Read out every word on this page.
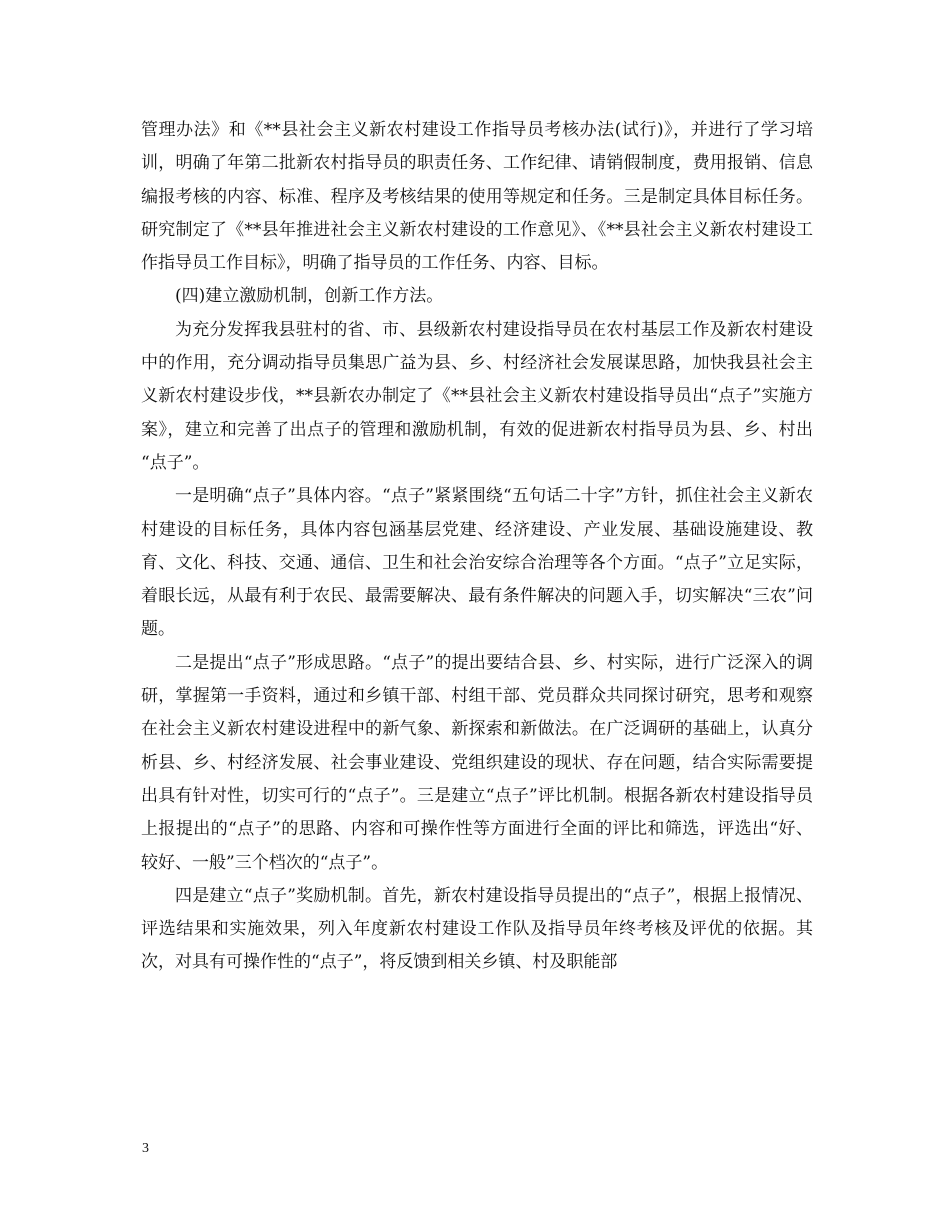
管理办法》和《**县社会主义新农村建设工作指导员考核办法(试行)》，并进行了学习培训，明确了年第二批新农村指导员的职责任务、工作纪律、请销假制度，费用报销、信息编报考核的内容、标准、程序及考核结果的使用等规定和任务。三是制定具体目标任务。研究制定了《**县年推进社会主义新农村建设的工作意见》、《**县社会主义新农村建设工作指导员工作目标》，明确了指导员的工作任务、内容、目标。

(四)建立激励机制，创新工作方法。

为充分发挥我县驻村的省、市、县级新农村建设指导员在农村基层工作及新农村建设中的作用，充分调动指导员集思广益为县、乡、村经济社会发展谋思路，加快我县社会主义新农村建设步伐，**县新农办制定了《**县社会主义新农村建设指导员出“点子”实施方案》，建立和完善了出点子的管理和激励机制，有效的促进新农村指导员为县、乡、村出 “点子”。

一是明确“点子”具体内容。“点子”紧紧围绕“五句话二十字”方针，抓住社会主义新农村建设的目标任务，具体内容包涵基层党建、经济建设、产业发展、基础设施建设、教育、文化、科技、交通、通信、卫生和社会治安综合治理等各个方面。“点子”立足实际，着眼长远，从最有利于农民、最需要解决、最有条件解决的问题入手，切实解决“三农”问题。

二是提出“点子”形成思路。“点子”的提出要结合县、乡、村实际，进行广泛深入的调研，掌握第一手资料，通过和乡镇干部、村组干部、党员群众共同探讨研究，思考和观察在社会主义新农村建设进程中的新气象、新探索和新做法。在广泛调研的基础上，认真分析县、乡、村经济发展、社会事业建设、党组织建设的现状、存在问题，结合实际需要提出具有针对性，切实可行的“点子”。三是建立“点子”评比机制。根据各新农村建设指导员上报提出的“点子”的思路、内容和可操作性等方面进行全面的评比和筛选，评选出“好、较好、一般”三个档次的“点子”。

四是建立“点子”奖励机制。首先，新农村建设指导员提出的“点子”，根据上报情况、评选结果和实施效果，列入年度新农村建设工作队及指导员年终考核及评优的依据。其次，对具有可操作性的“点子”，将反馈到相关乡镇、村及职能部

3
